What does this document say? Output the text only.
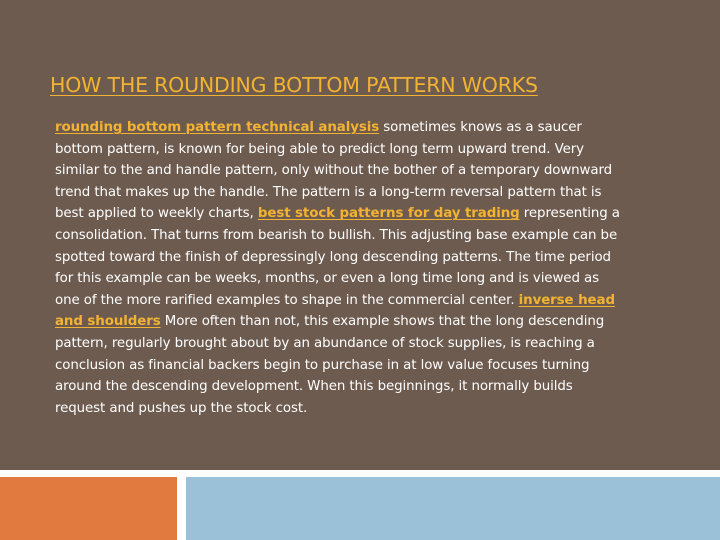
HOW THE ROUNDING BOTTOM PATTERN WORKS

rounding bottom pattern technical analysis sometimes knows as a saucer bottom pattern, is known for being able to predict long term upward trend. Very similar to the and handle pattern, only without the bother of a temporary downward trend that makes up the handle. The pattern is a long-term reversal pattern that is best applied to weekly charts, best stock patterns for day trading representing a consolidation. That turns from bearish to bullish. This adjusting base example can be spotted toward the finish of depressingly long descending patterns. The time period for this example can be weeks, months, or even a long time long and is viewed as one of the more rarified examples to shape in the commercial center. inverse head and shoulders More often than not, this example shows that the long descending pattern, regularly brought about by an abundance of stock supplies, is reaching a conclusion as financial backers begin to purchase in at low value focuses turning around the descending development. When this beginnings, it normally builds request and pushes up the stock cost.
